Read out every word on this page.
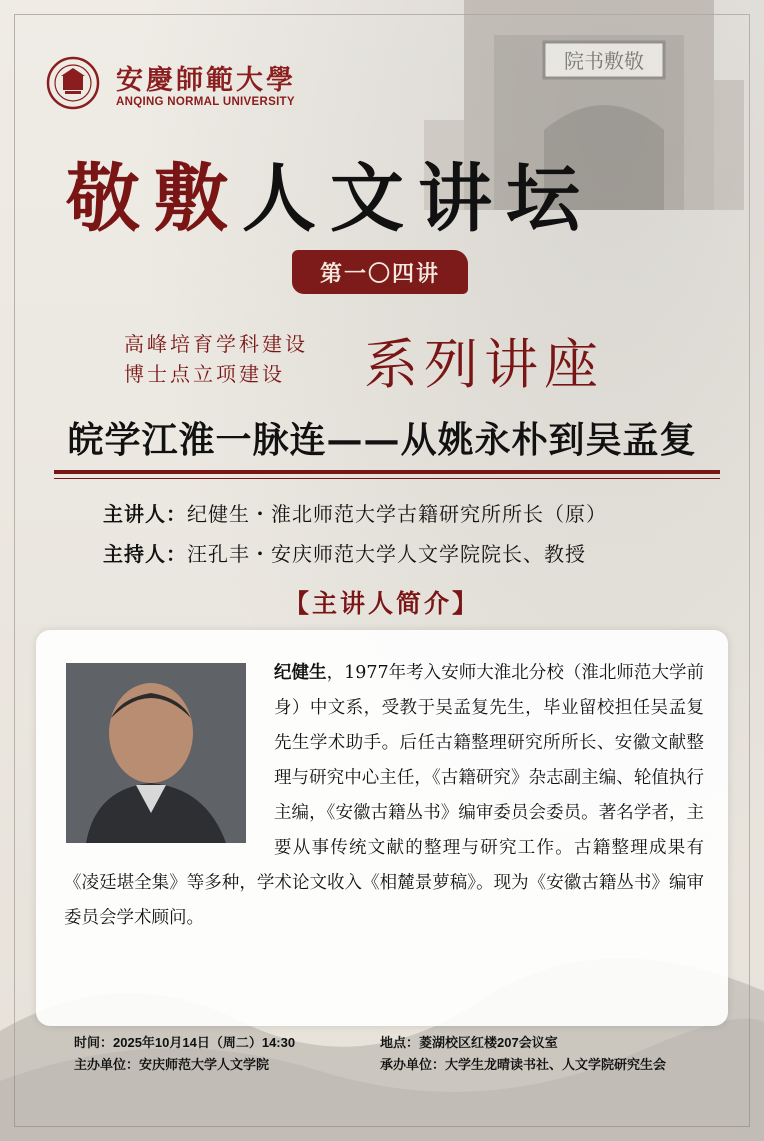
院书敷敬
安慶師範大學
ANQING NORMAL UNIVERSITY
敬敷人文讲坛
第一〇四讲
高峰培育学科建设
博士点立项建设 系列讲座
皖学江淮一脉连——从姚永朴到吴孟复
主讲人：纪健生・淮北师范大学古籍研究所所长（原）
主持人：汪孔丰・安庆师范大学人文学院院长、教授
【主讲人简介】
纪健生，1977年考入安师大淮北分校（淮北师范大学前身）中文系，受教于吴孟复先生，毕业留校担任吴孟复先生学术助手。后任古籍整理研究所所长、安徽文献整理与研究中心主任，《古籍研究》杂志副主编、轮值执行主编，《安徽古籍丛书》编审委员会委员。著名学者，主要从事传统文献的整理与研究工作。古籍整理成果有《凌廷堪全集》等多种，学术论文收入《相麓景萝稿》。现为《安徽古籍丛书》编审委员会学术顾问。
时间：2025年10月14日（周二）14:30
主办单位：安庆师范大学人文学院
地点：菱湖校区红楼207会议室
承办单位：大学生龙晴读书社、人文学院研究生会
